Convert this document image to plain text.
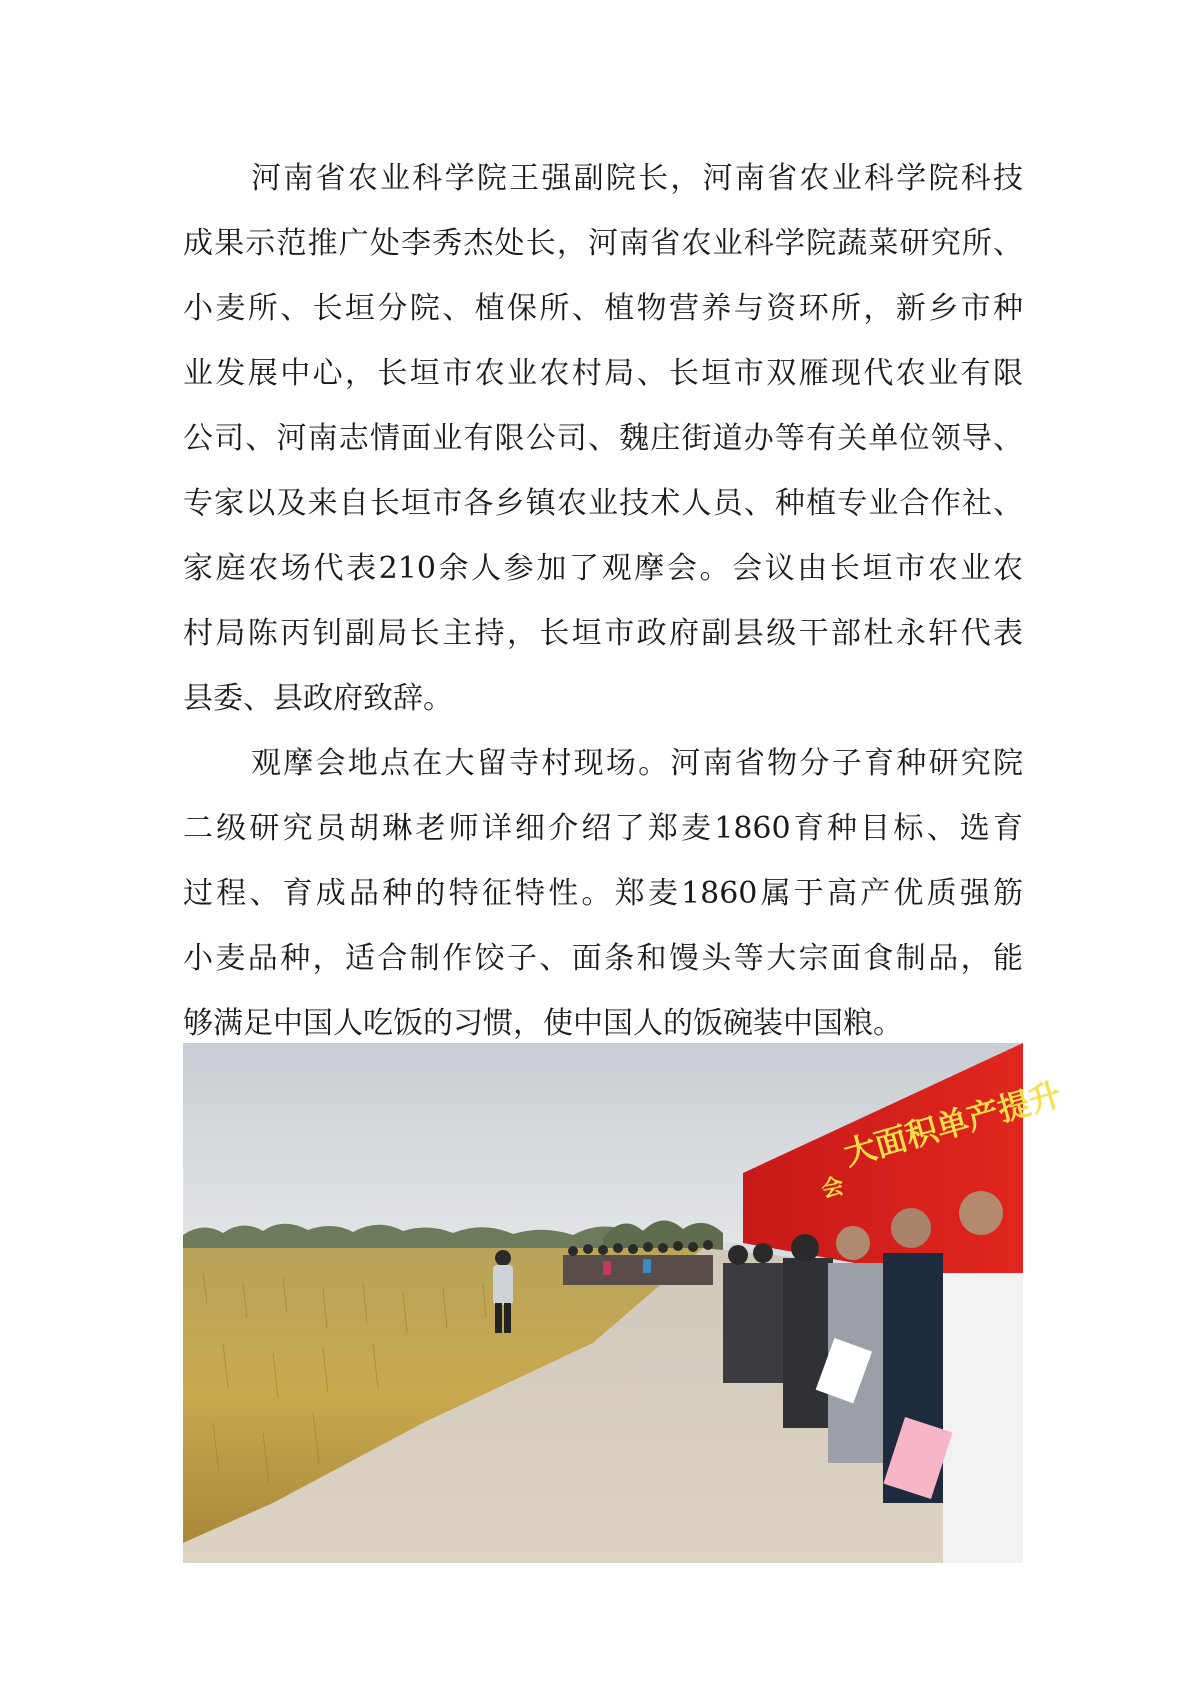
河南省农业科学院王强副院长，河南省农业科学院科技
成果示范推广处李秀杰处长，河南省农业科学院蔬菜研究所、
小麦所、长垣分院、植保所、植物营养与资环所，新乡市种
业发展中心，长垣市农业农村局、长垣市双雁现代农业有限
公司、河南志情面业有限公司、魏庄街道办等有关单位领导、
专家以及来自长垣市各乡镇农业技术人员、种植专业合作社、
家庭农场代表210余人参加了观摩会。会议由长垣市农业农
村局陈丙钊副局长主持，长垣市政府副县级干部杜永轩代表
县委、县政府致辞。
观摩会地点在大留寺村现场。河南省物分子育种研究院
二级研究员胡琳老师详细介绍了郑麦1860育种目标、选育
过程、育成品种的特征特性。郑麦1860属于高产优质强筋
小麦品种，适合制作饺子、面条和馒头等大宗面食制品，能
够满足中国人吃饭的习惯，使中国人的饭碗装中国粮。
大面积单产提升
会
